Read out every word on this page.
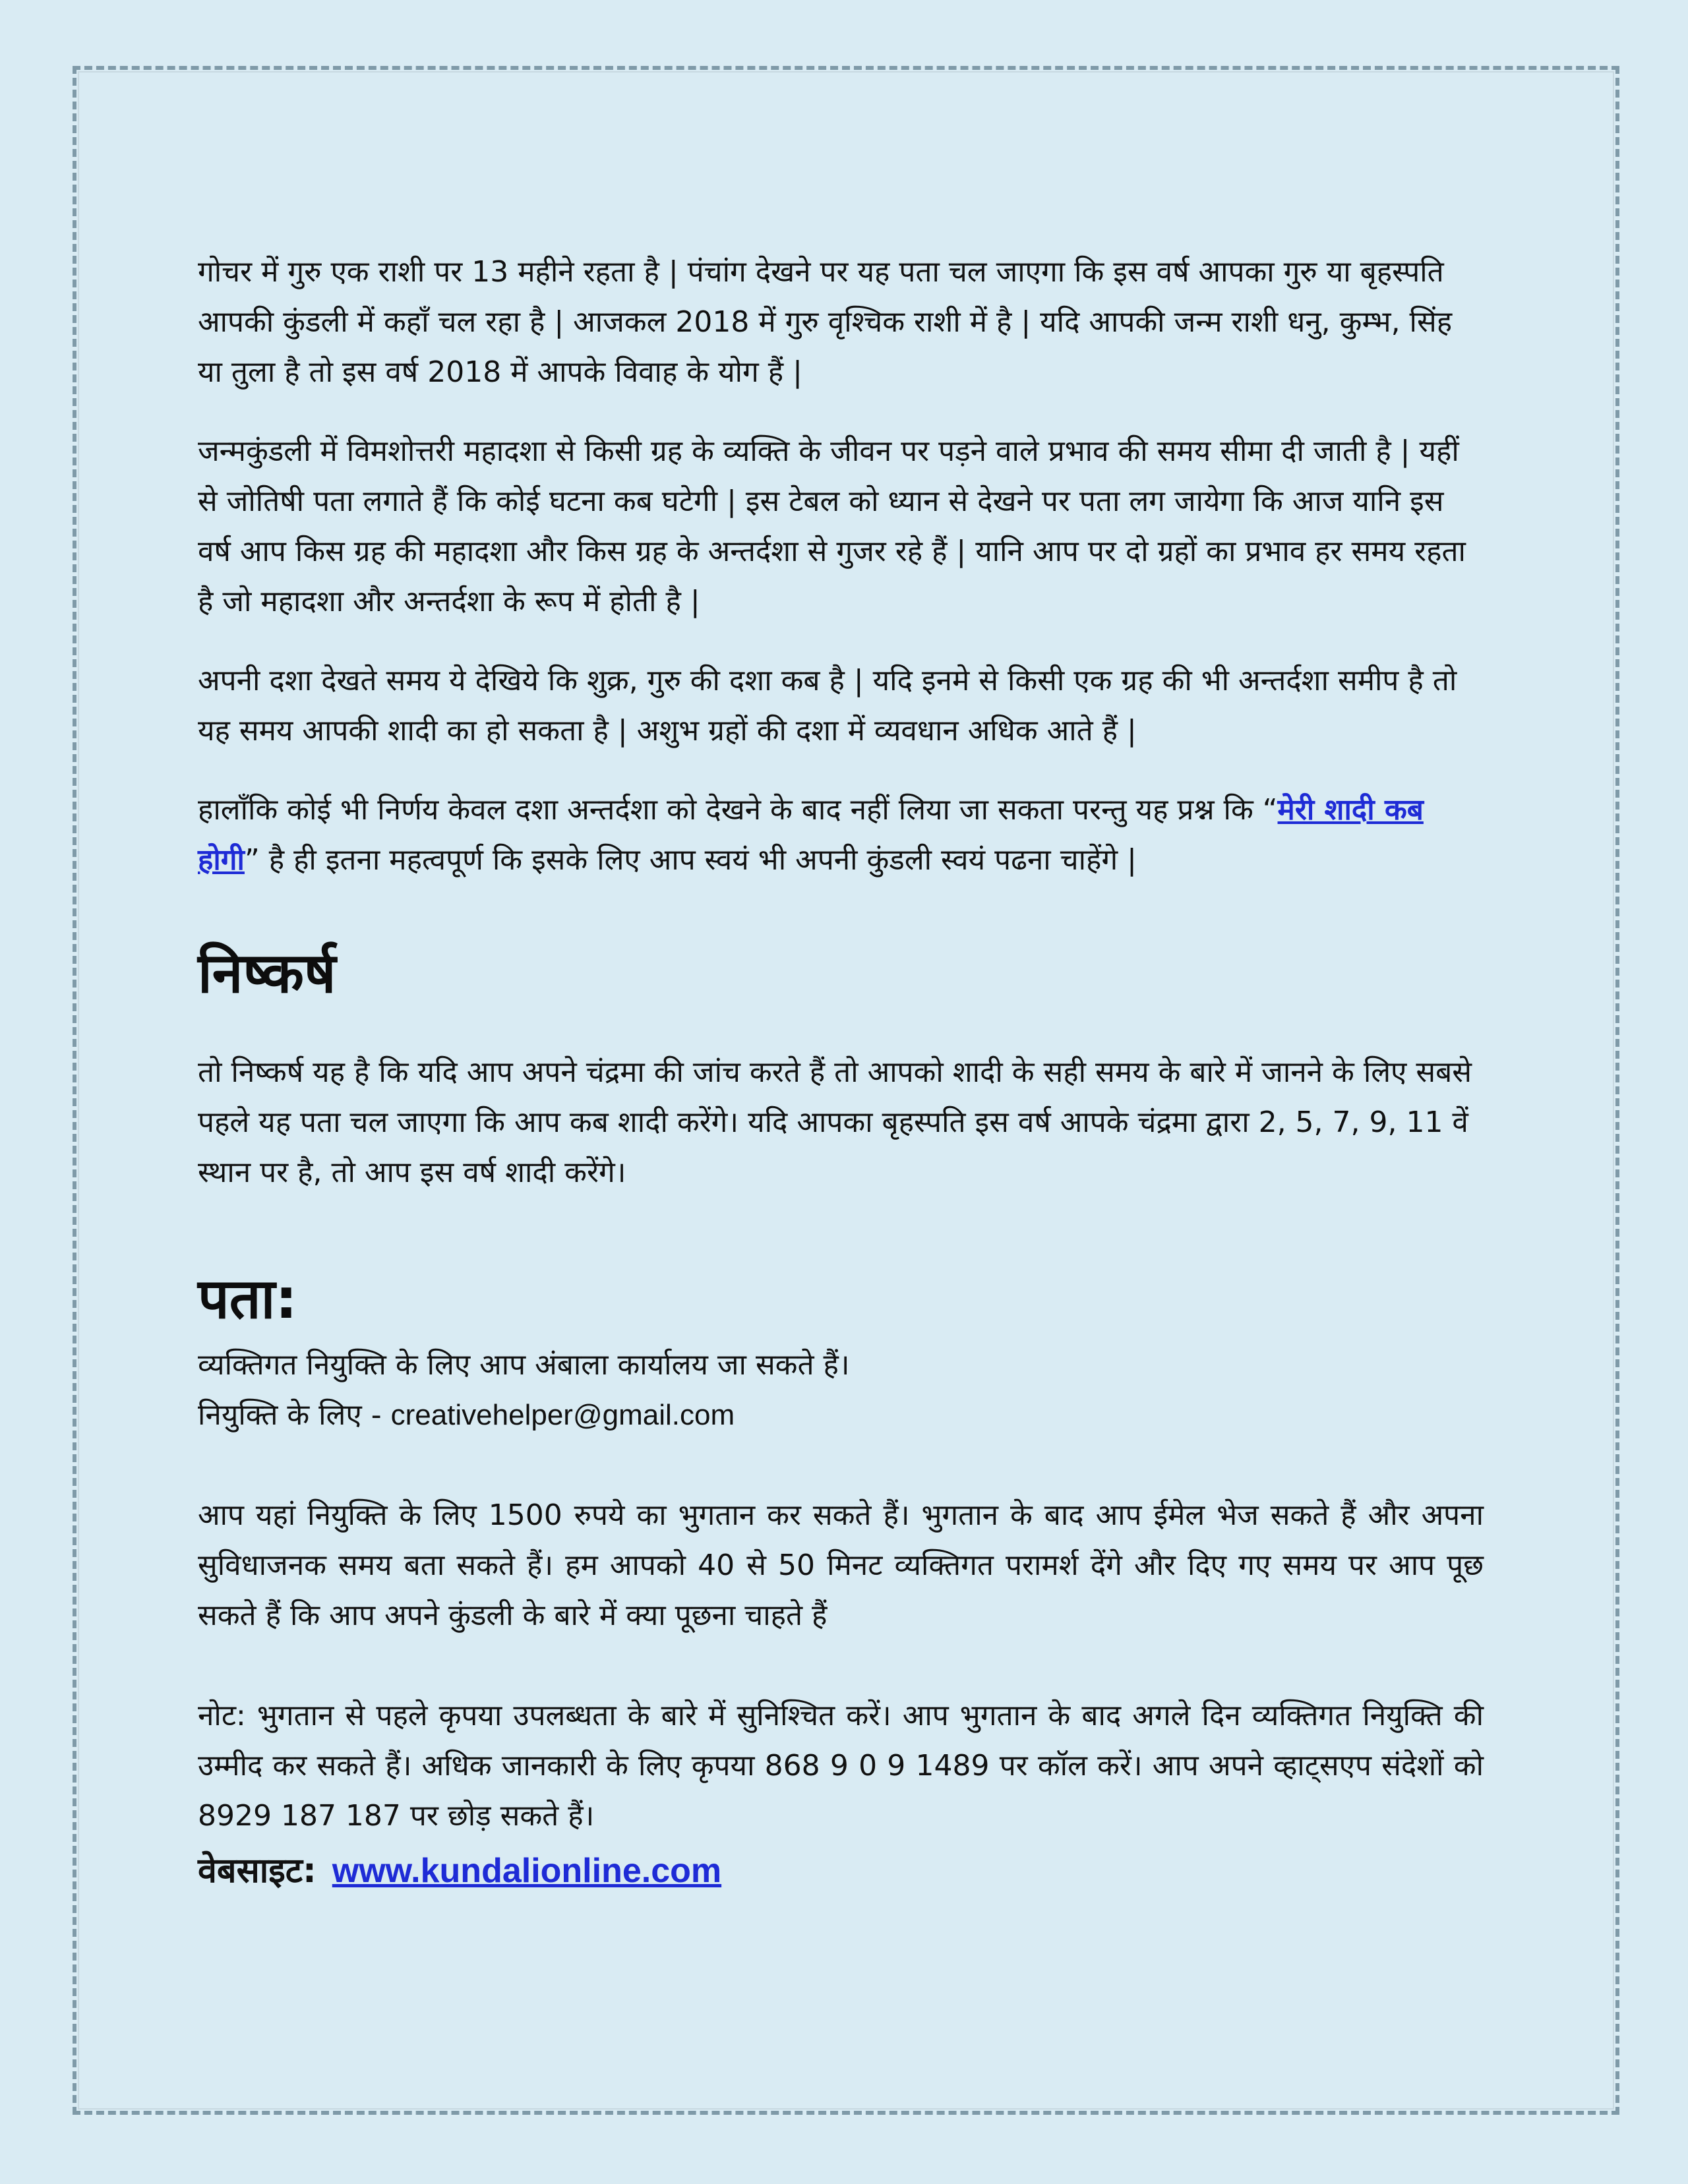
गोचर में गुरु एक राशी पर 13 महीने रहता है | पंचांग देखने पर यह पता चल जाएगा कि इस वर्ष आपका गुरु या बृहस्पति आपकी कुंडली में कहाँ चल रहा है | आजकल 2018 में गुरु वृश्चिक राशी में है | यदि आपकी जन्म राशी धनु, कुम्भ, सिंह या तुला है तो इस वर्ष 2018 में आपके विवाह के योग हैं |

जन्मकुंडली में विमशोत्तरी महादशा से किसी ग्रह के व्यक्ति के जीवन पर पड़ने वाले प्रभाव की समय सीमा दी जाती है | यहीं से जोतिषी पता लगाते हैं कि कोई घटना कब घटेगी | इस टेबल को ध्यान से देखने पर पता लग जायेगा कि आज यानि इस वर्ष आप किस ग्रह की महादशा और किस ग्रह के अन्तर्दशा से गुजर रहे हैं | यानि आप पर दो ग्रहों का प्रभाव हर समय रहता है जो महादशा और अन्तर्दशा के रूप में होती है |

अपनी दशा देखते समय ये देखिये कि शुक्र, गुरु की दशा कब है | यदि इनमे से किसी एक ग्रह की भी अन्तर्दशा समीप है तो यह समय आपकी शादी का हो सकता है | अशुभ ग्रहों की दशा में व्यवधान अधिक आते हैं |

हालाँकि कोई भी निर्णय केवल दशा अन्तर्दशा को देखने के बाद नहीं लिया जा सकता परन्तु यह प्रश्न कि “मेरी शादी कब होगी” है ही इतना महत्वपूर्ण कि इसके लिए आप स्वयं भी अपनी कुंडली स्वयं पढना चाहेंगे |

निष्कर्ष

तो निष्कर्ष यह है कि यदि आप अपने चंद्रमा की जांच करते हैं तो आपको शादी के सही समय के बारे में जानने के लिए सबसे पहले यह पता चल जाएगा कि आप कब शादी करेंगे। यदि आपका बृहस्पति इस वर्ष आपके चंद्रमा द्वारा 2, 5, 7, 9, 11 वें स्थान पर है, तो आप इस वर्ष शादी करेंगे।

पता:
व्यक्तिगत नियुक्ति के लिए आप अंबाला कार्यालय जा सकते हैं।
नियुक्ति के लिए - creativehelper@gmail.com

आप यहां नियुक्ति के लिए 1500 रुपये का भुगतान कर सकते हैं। भुगतान के बाद आप ईमेल भेज सकते हैं और अपना सुविधाजनक समय बता सकते हैं। हम आपको 40 से 50 मिनट व्यक्तिगत परामर्श देंगे और दिए गए समय पर आप पूछ सकते हैं कि आप अपने कुंडली के बारे में क्या पूछना चाहते हैं

नोट: भुगतान से पहले कृपया उपलब्धता के बारे में सुनिश्चित करें। आप भुगतान के बाद अगले दिन व्यक्तिगत नियुक्ति की उम्मीद कर सकते हैं। अधिक जानकारी के लिए कृपया 868 9 0 9 1489 पर कॉल करें। आप अपने व्हाट्सएप संदेशों को 8929 187 187 पर छोड़ सकते हैं।

वेबसाइट: www.kundalionline.com
